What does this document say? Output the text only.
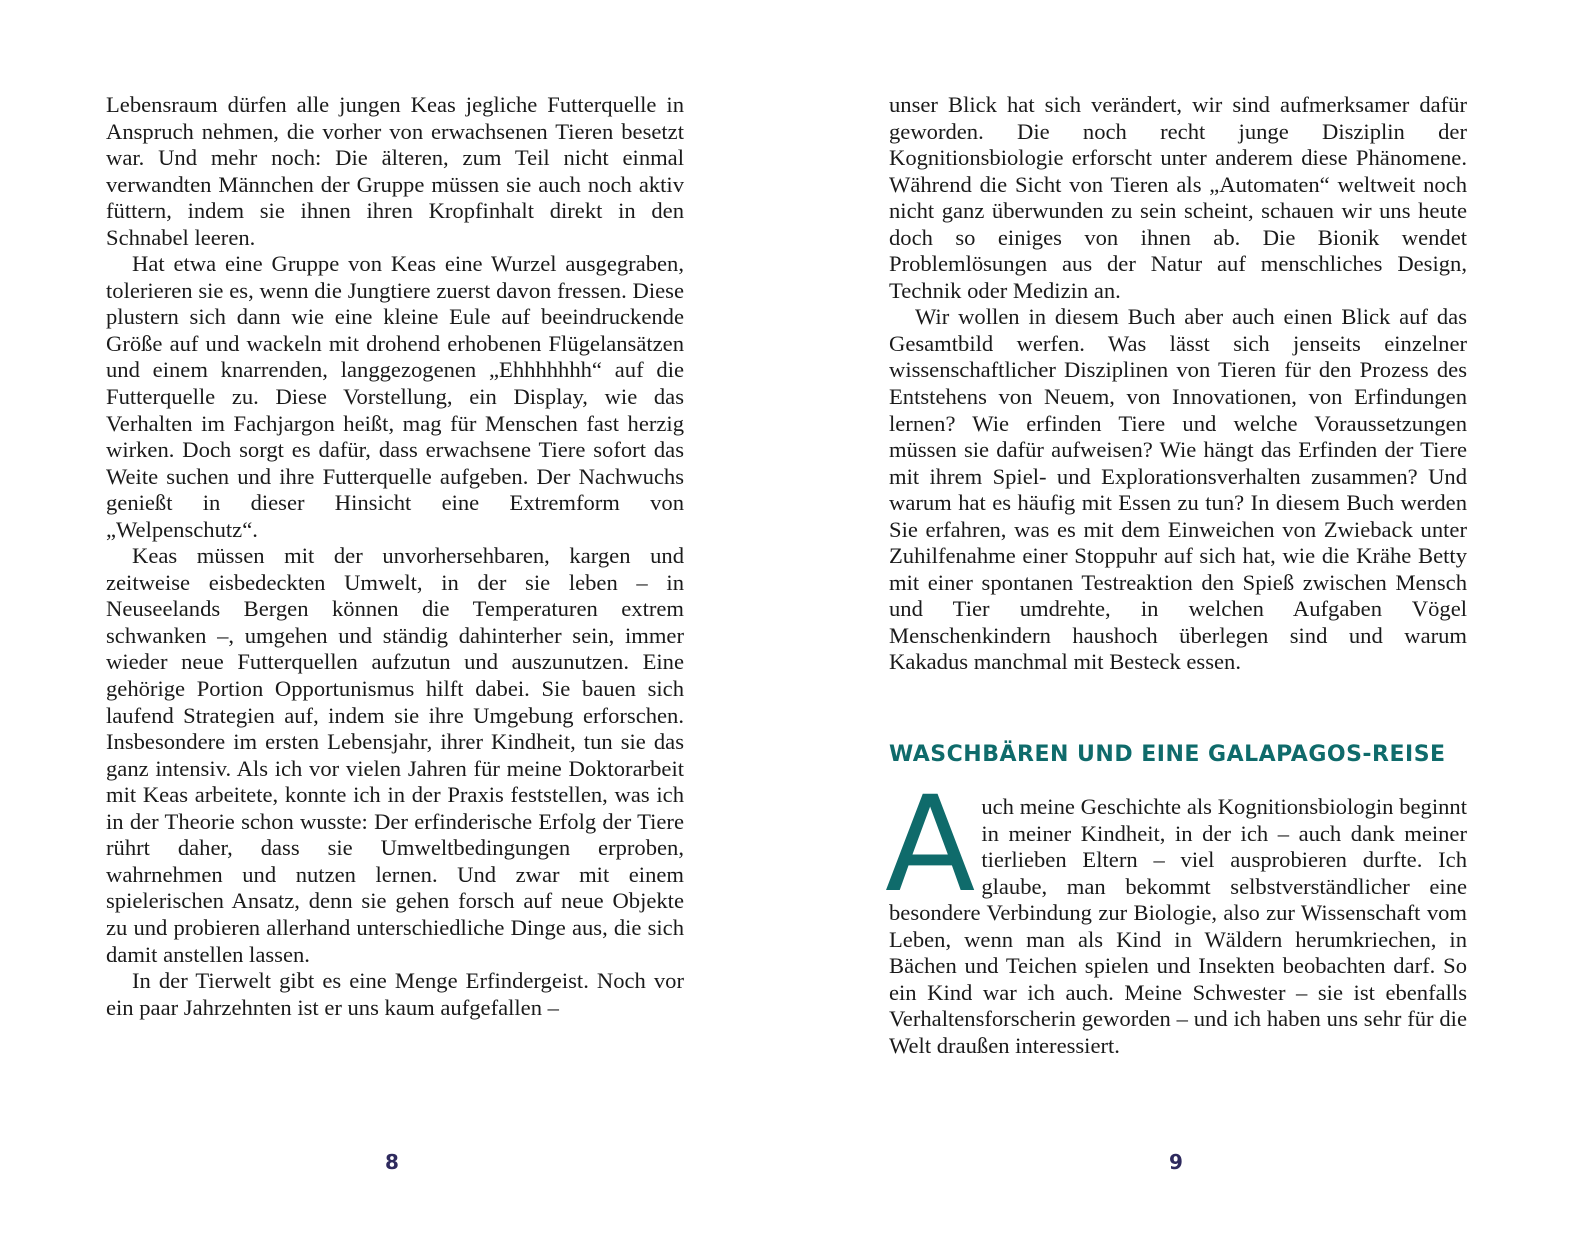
Lebensraum dürfen alle jungen Keas jegliche Futterquelle in Anspruch nehmen, die vorher von erwachsenen Tieren besetzt war. Und mehr noch: Die älteren, zum Teil nicht einmal verwandten Männchen der Gruppe müssen sie auch noch aktiv füttern, indem sie ihnen ihren Kropfinhalt direkt in den Schnabel leeren.

Hat etwa eine Gruppe von Keas eine Wurzel ausgegraben, tolerieren sie es, wenn die Jungtiere zuerst davon fressen. Diese plustern sich dann wie eine kleine Eule auf beeindruckende Größe auf und wackeln mit drohend erhobenen Flügelansätzen und einem knarrenden, langgezogenen „Ehhhhhhh“ auf die Futterquelle zu. Diese Vorstellung, ein Display, wie das Verhalten im Fachjargon heißt, mag für Menschen fast herzig wirken. Doch sorgt es dafür, dass erwachsene Tiere sofort das Weite suchen und ihre Futterquelle aufgeben. Der Nachwuchs genießt in dieser Hinsicht eine Extremform von „Welpenschutz“.

Keas müssen mit der unvorhersehbaren, kargen und zeitweise eisbedeckten Umwelt, in der sie leben – in Neuseelands Bergen können die Temperaturen extrem schwanken –, umgehen und ständig dahinterher sein, immer wieder neue Futterquellen aufzutun und auszunutzen. Eine gehörige Portion Opportunismus hilft dabei. Sie bauen sich laufend Strategien auf, indem sie ihre Umgebung erforschen. Insbesondere im ersten Lebensjahr, ihrer Kindheit, tun sie das ganz intensiv. Als ich vor vielen Jahren für meine Doktorarbeit mit Keas arbeitete, konnte ich in der Praxis feststellen, was ich in der Theorie schon wusste: Der erfinderische Erfolg der Tiere rührt daher, dass sie Umweltbedingungen erproben, wahrnehmen und nutzen lernen. Und zwar mit einem spielerischen Ansatz, denn sie gehen forsch auf neue Objekte zu und probieren allerhand unterschiedliche Dinge aus, die sich damit anstellen lassen.

In der Tierwelt gibt es eine Menge Erfindergeist. Noch vor ein paar Jahrzehnten ist er uns kaum aufgefallen –

8

unser Blick hat sich verändert, wir sind aufmerksamer dafür geworden. Die noch recht junge Disziplin der Kognitionsbiologie erforscht unter anderem diese Phänomene. Während die Sicht von Tieren als „Automaten“ weltweit noch nicht ganz überwunden zu sein scheint, schauen wir uns heute doch so einiges von ihnen ab. Die Bionik wendet Problemlösungen aus der Natur auf menschliches Design, Technik oder Medizin an.

Wir wollen in diesem Buch aber auch einen Blick auf das Gesamtbild werfen. Was lässt sich jenseits einzelner wissenschaftlicher Disziplinen von Tieren für den Prozess des Entstehens von Neuem, von Innovationen, von Erfindungen lernen? Wie erfinden Tiere und welche Voraussetzungen müssen sie dafür aufweisen? Wie hängt das Erfinden der Tiere mit ihrem Spiel- und Explorationsverhalten zusammen? Und warum hat es häufig mit Essen zu tun? In diesem Buch werden Sie erfahren, was es mit dem Einweichen von Zwieback unter Zuhilfenahme einer Stoppuhr auf sich hat, wie die Krähe Betty mit einer spontanen Testreaktion den Spieß zwischen Mensch und Tier umdrehte, in welchen Aufgaben Vögel Menschenkindern haushoch überlegen sind und warum Kakadus manchmal mit Besteck essen.

WASCHBÄREN UND EINE GALAPAGOS-REISE

Auch meine Geschichte als Kognitionsbiologin beginnt in meiner Kindheit, in der ich – auch dank meiner tierlieben Eltern – viel ausprobieren durfte. Ich glaube, man bekommt selbstverständlicher eine besondere Verbindung zur Biologie, also zur Wissenschaft vom Leben, wenn man als Kind in Wäldern herumkriechen, in Bächen und Teichen spielen und Insekten beobachten darf. So ein Kind war ich auch. Meine Schwester – sie ist ebenfalls Verhaltensforscherin geworden – und ich haben uns sehr für die Welt draußen interessiert.

9
